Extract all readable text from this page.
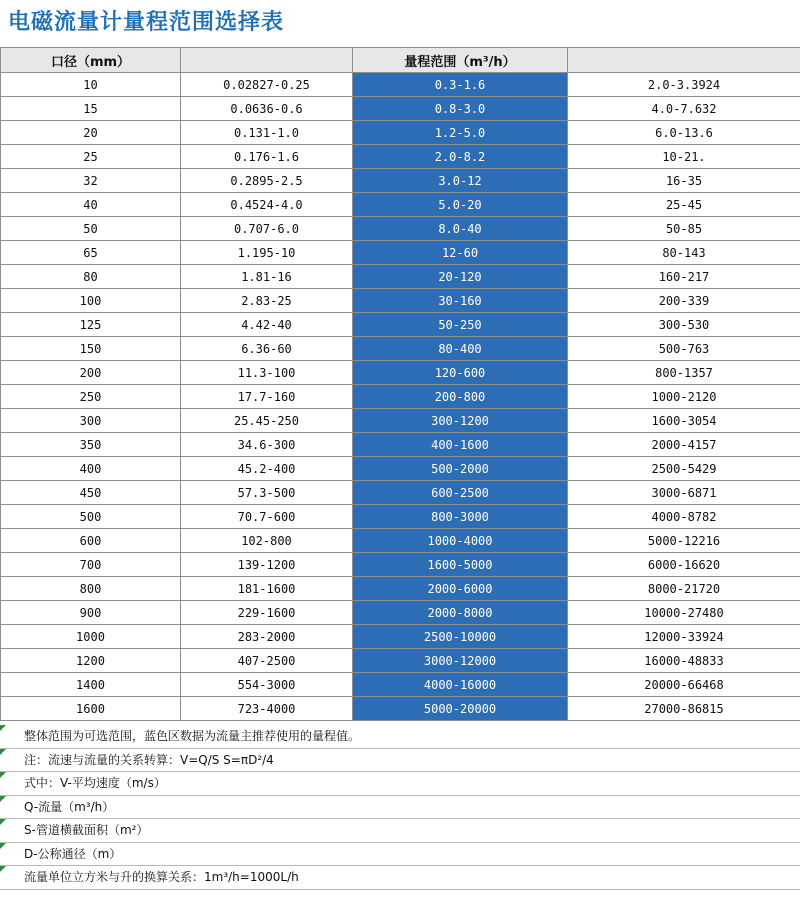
电磁流量计量程范围选择表
口径（mm）		量程范围（m³/h）	
10	0.02827-0.25	0.3-1.6	2.0-3.3924
15	0.0636-0.6	0.8-3.0	4.0-7.632
20	0.131-1.0	1.2-5.0	6.0-13.6
25	0.176-1.6	2.0-8.2	10-21.
32	0.2895-2.5	3.0-12	16-35
40	0.4524-4.0	5.0-20	25-45
50	0.707-6.0	8.0-40	50-85
65	1.195-10	12-60	80-143
80	1.81-16	20-120	160-217
100	2.83-25	30-160	200-339
125	4.42-40	50-250	300-530
150	6.36-60	80-400	500-763
200	11.3-100	120-600	800-1357
250	17.7-160	200-800	1000-2120
300	25.45-250	300-1200	1600-3054
350	34.6-300	400-1600	2000-4157
400	45.2-400	500-2000	2500-5429
450	57.3-500	600-2500	3000-6871
500	70.7-600	800-3000	4000-8782
600	102-800	1000-4000	5000-12216
700	139-1200	1600-5000	6000-16620
800	181-1600	2000-6000	8000-21720
900	229-1600	2000-8000	10000-27480
1000	283-2000	2500-10000	12000-33924
1200	407-2500	3000-12000	16000-48833
1400	554-3000	4000-16000	20000-66468
1600	723-4000	5000-20000	27000-86815
整体范围为可选范围，蓝色区数据为流量主推荐使用的量程值。
注：流速与流量的关系转算：V=Q/S S=πD²/4
式中：V-平均速度（m/s）
Q-流量（m³/h）
S-管道横截面积（m²）
D-公称通径（m）
流量单位立方米与升的换算关系：1m³/h=1000L/h
